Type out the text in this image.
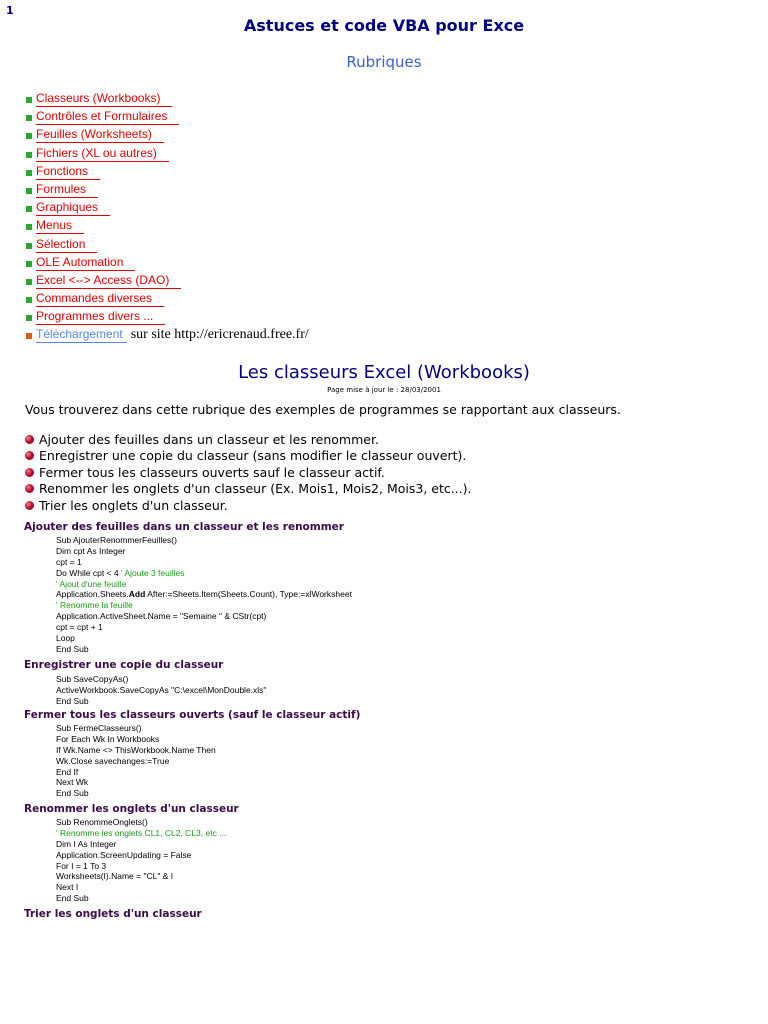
1
Astuces et code VBA pour Exce
Rubriques
Classeurs (Workbooks)
Contrôles et Formulaires
Feuilles (Worksheets)
Fichiers (XL ou autres)
Fonctions
Formules
Graphiques
Menus
Sélection
OLE Automation
Excel <--> Access (DAO)
Commandes diverses
Programmes divers ...
Téléchargement sur site http://ericrenaud.free.fr/
Les classeurs Excel (Workbooks)
Page mise à jour le : 28/03/2001
Vous trouverez dans cette rubrique des exemples de programmes se rapportant aux classeurs.
Ajouter des feuilles dans un classeur et les renommer.
Enregistrer une copie du classeur (sans modifier le classeur ouvert).
Fermer tous les classeurs ouverts sauf le classeur actif.
Renommer les onglets d'un classeur (Ex. Mois1, Mois2, Mois3, etc...).
Trier les onglets d'un classeur.
Ajouter des feuilles dans un classeur et les renommer
Sub AjouterRenommerFeuilles()
Dim cpt As Integer
cpt = 1
Do While cpt < 4 ' Ajoute 3 feuilles
' Ajout d'une feuille
Application.Sheets.Add After:=Sheets.Item(Sheets.Count), Type:=xlWorksheet
' Renomme la feuille
Application.ActiveSheet.Name = "Semaine " & CStr(cpt)
cpt = cpt + 1
Loop
End Sub
Enregistrer une copie du classeur
Sub SaveCopyAs()
ActiveWorkbook.SaveCopyAs "C:\excel\MonDouble.xls"
End Sub
Fermer tous les classeurs ouverts (sauf le classeur actif)
Sub FermeClasseurs()
For Each Wk In Workbooks
If Wk.Name <> ThisWorkbook.Name Then
Wk.Close savechanges:=True
End If
Next Wk
End Sub
Renommer les onglets d'un classeur
Sub RenommeOnglets()
' Renomme les onglets CL1, CL2, CL3, etc ...
Dim I As Integer
Application.ScreenUpdating = False
For I = 1 To 3
Worksheets(I).Name = "CL" & I
Next I
End Sub
Trier les onglets d'un classeur
